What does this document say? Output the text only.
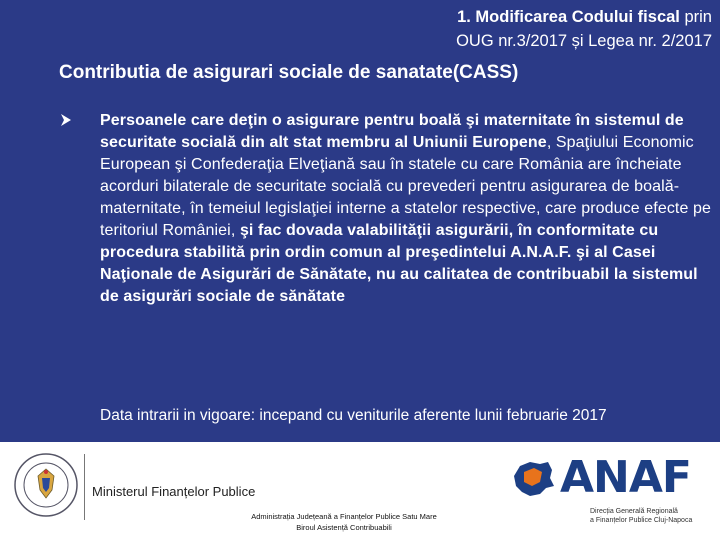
1. Modificarea Codului fiscal prin
OUG nr.3/2017 și Legea nr. 2/2017
Contributia de asigurari sociale de sanatate(CASS)
Persoanele care deţin o asigurare pentru boală şi maternitate în sistemul de securitate socială din alt stat membru al Uniunii Europene, Spaţiului Economic European şi Confederaţia Elveţiană sau în statele cu care România are încheiate acorduri bilaterale de securitate socială cu prevederi pentru asigurarea de boală-maternitate, în temeiul legislaţiei interne a statelor respective, care produce efecte pe teritoriul României, şi fac dovada valabilităţii asigurării, în conformitate cu procedura stabilită prin ordin comun al preşedintelui A.N.A.F. şi al Casei Naţionale de Asigurări de Sănătate, nu au calitatea de contribuabil la sistemul de asigurări sociale de sănătate
Data intrarii in vigoare: incepand cu veniturile aferente lunii februarie 2017
Ministerul Finanțelor Publice
Administrația Județeană a Finanțelor Publice Satu Mare
Biroul Asistență Contribuabili
ANAF
Direcția Generală Regională
a Finanțelor Publice Cluj-Napoca
